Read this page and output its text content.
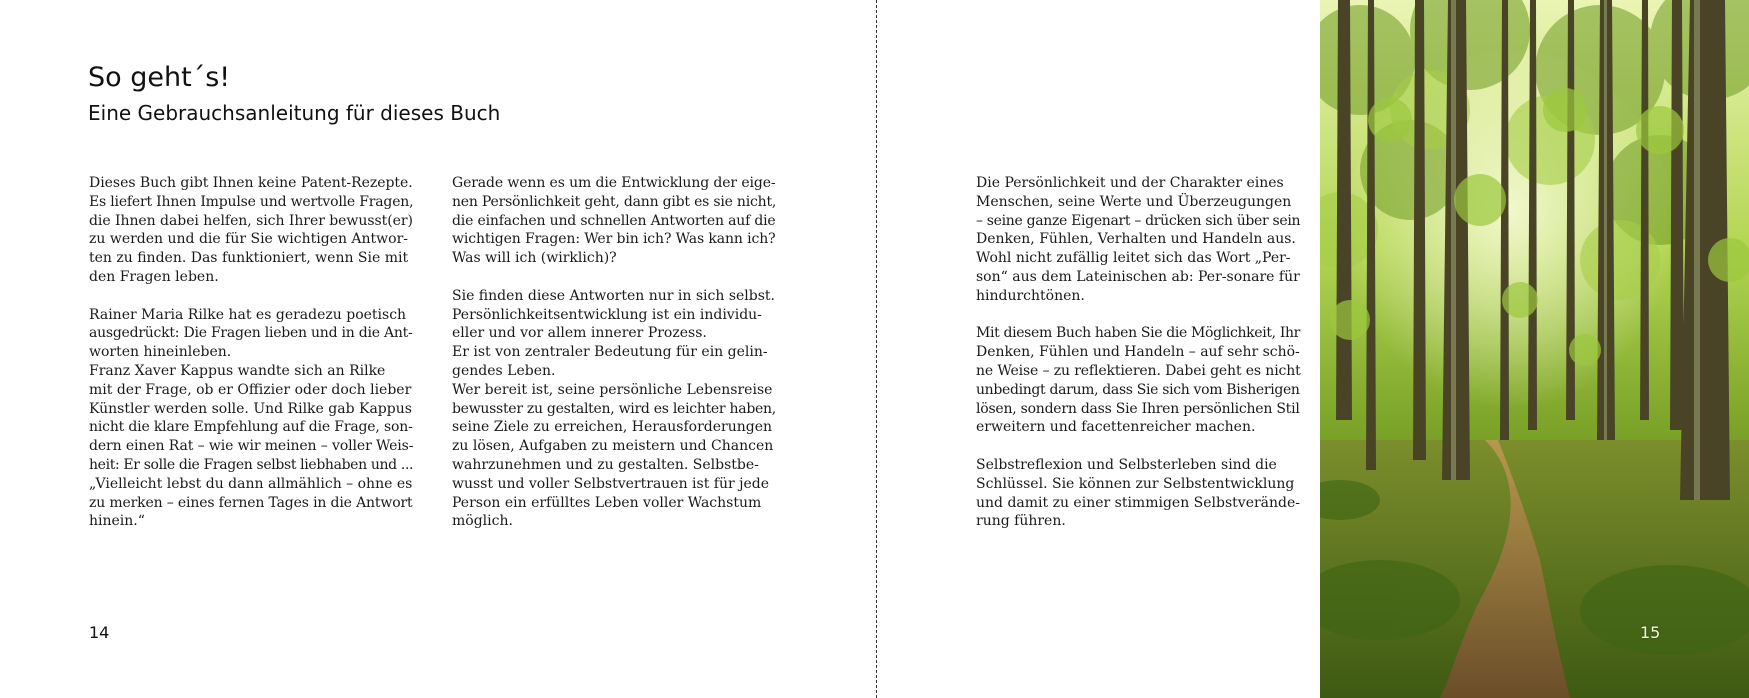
So geht´s!
Eine Gebrauchsanleitung für dieses Buch

Dieses Buch gibt Ihnen keine Patent-Rezepte.
Es liefert Ihnen Impulse und wertvolle Fragen,
die Ihnen dabei helfen, sich Ihrer bewusst(er)
zu werden und die für Sie wichtigen Antwor-
ten zu finden. Das funktioniert, wenn Sie mit
den Fragen leben.

Rainer Maria Rilke hat es geradezu poetisch
ausgedrückt: Die Fragen lieben und in die Ant-
worten hineinleben.

Franz Xaver Kappus wandte sich an Rilke
mit der Frage, ob er Offizier oder doch lieber
Künstler werden solle. Und Rilke gab Kappus
nicht die klare Empfehlung auf die Frage, son-
dern einen Rat – wie wir meinen – voller Weis-
heit: Er solle die Fragen selbst liebhaben und ...
„Vielleicht lebst du dann allmählich – ohne es
zu merken – eines fernen Tages in die Antwort
hinein.“

Gerade wenn es um die Entwicklung der eige-
nen Persönlichkeit geht, dann gibt es sie nicht,
die einfachen und schnellen Antworten auf die
wichtigen Fragen: Wer bin ich? Was kann ich?
Was will ich (wirklich)?

Sie finden diese Antworten nur in sich selbst.
Persönlichkeitsentwicklung ist ein individu-
eller und vor allem innerer Prozess.

Er ist von zentraler Bedeutung für ein gelin-
gendes Leben.

Wer bereit ist, seine persönliche Lebensreise
bewusster zu gestalten, wird es leichter haben,
seine Ziele zu erreichen, Herausforderungen
zu lösen, Aufgaben zu meistern und Chancen
wahrzunehmen und zu gestalten. Selbstbe-
wusst und voller Selbstvertrauen ist für jede
Person ein erfülltes Leben voller Wachstum
möglich.

14

Die Persönlichkeit und der Charakter eines
Menschen, seine Werte und Überzeugungen
– seine ganze Eigenart – drücken sich über sein
Denken, Fühlen, Verhalten und Handeln aus.
Wohl nicht zufällig leitet sich das Wort „Per-
son“ aus dem Lateinischen ab: Per-sonare für
hindurchtönen.

Mit diesem Buch haben Sie die Möglichkeit, Ihr
Denken, Fühlen und Handeln – auf sehr schö-
ne Weise – zu reflektieren. Dabei geht es nicht
unbedingt darum, dass Sie sich vom Bisherigen
lösen, sondern dass Sie Ihren persönlichen Stil
erweitern und facettenreicher machen.

Selbstreflexion und Selbsterleben sind die
Schlüssel. Sie können zur Selbstentwicklung
und damit zu einer stimmigen Selbstverände-
rung führen.

15
